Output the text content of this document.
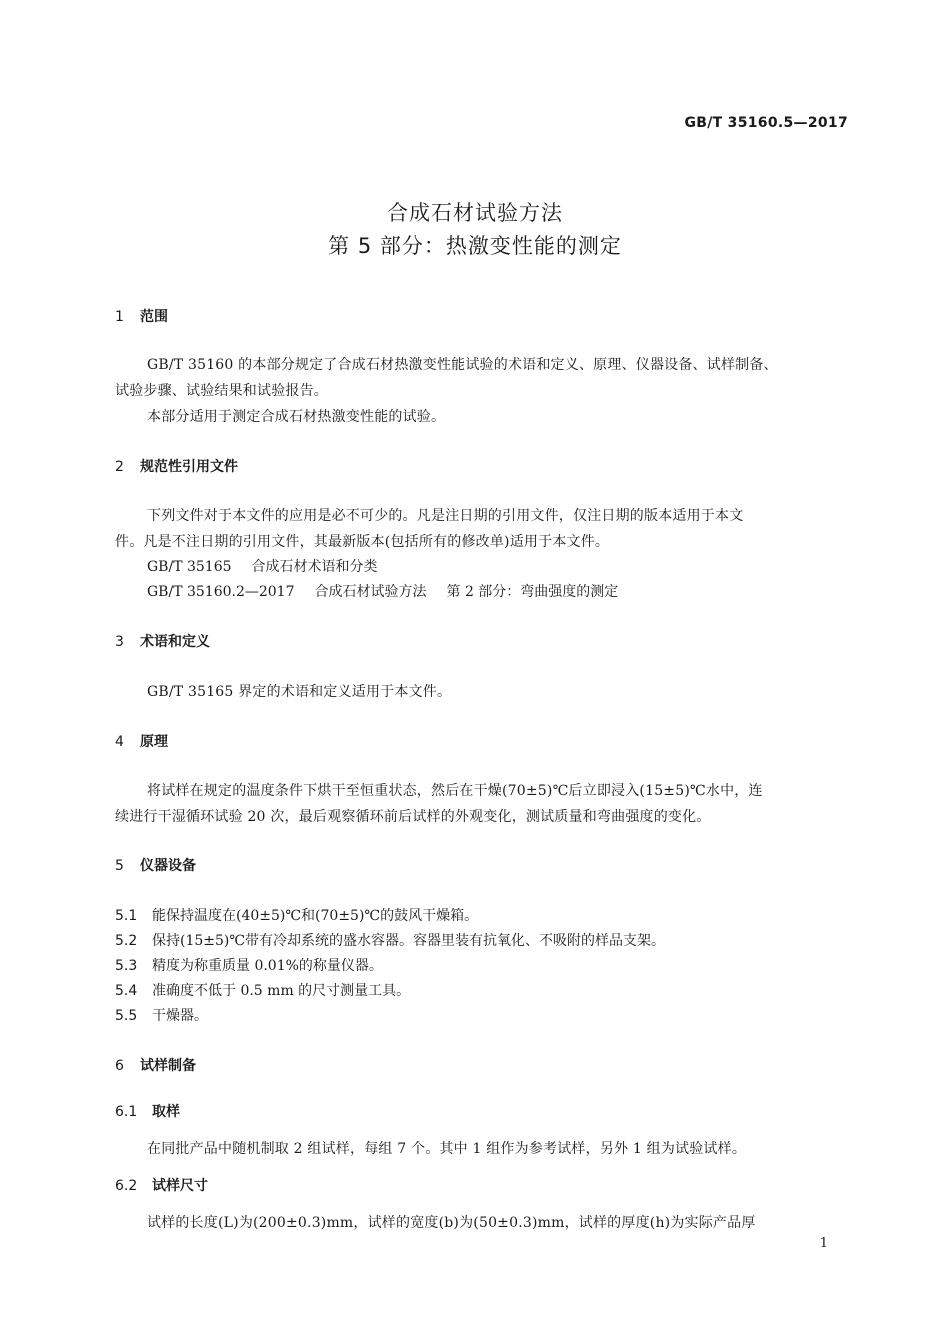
GB/T 35160.5—2017
合成石材试验方法
第 5 部分：热激变性能的测定
1 范围
GB/T 35160 的本部分规定了合成石材热激变性能试验的术语和定义、原理、仪器设备、试样制备、
试验步骤、试验结果和试验报告。
本部分适用于测定合成石材热激变性能的试验。
2 规范性引用文件
下列文件对于本文件的应用是必不可少的。凡是注日期的引用文件，仅注日期的版本适用于本文
件。凡是不注日期的引用文件，其最新版本(包括所有的修改单)适用于本文件。
GB/T 35165 合成石材术语和分类
GB/T 35160.2—2017 合成石材试验方法 第 2 部分：弯曲强度的测定
3 术语和定义
GB/T 35165 界定的术语和定义适用于本文件。
4 原理
将试样在规定的温度条件下烘干至恒重状态，然后在干燥(70±5)℃后立即浸入(15±5)℃水中，连
续进行干湿循环试验 20 次，最后观察循环前后试样的外观变化，测试质量和弯曲强度的变化。
5 仪器设备
5.1 能保持温度在(40±5)℃和(70±5)℃的鼓风干燥箱。
5.2 保持(15±5)℃带有冷却系统的盛水容器。容器里装有抗氧化、不吸附的样品支架。
5.3 精度为称重质量 0.01%的称量仪器。
5.4 准确度不低于 0.5 mm 的尺寸测量工具。
5.5 干燥器。
6 试样制备
6.1 取样
在同批产品中随机制取 2 组试样，每组 7 个。其中 1 组作为参考试样，另外 1 组为试验试样。
6.2 试样尺寸
试样的长度(L)为(200±0.3)mm，试样的宽度(b)为(50±0.3)mm，试样的厚度(h)为实际产品厚
1
